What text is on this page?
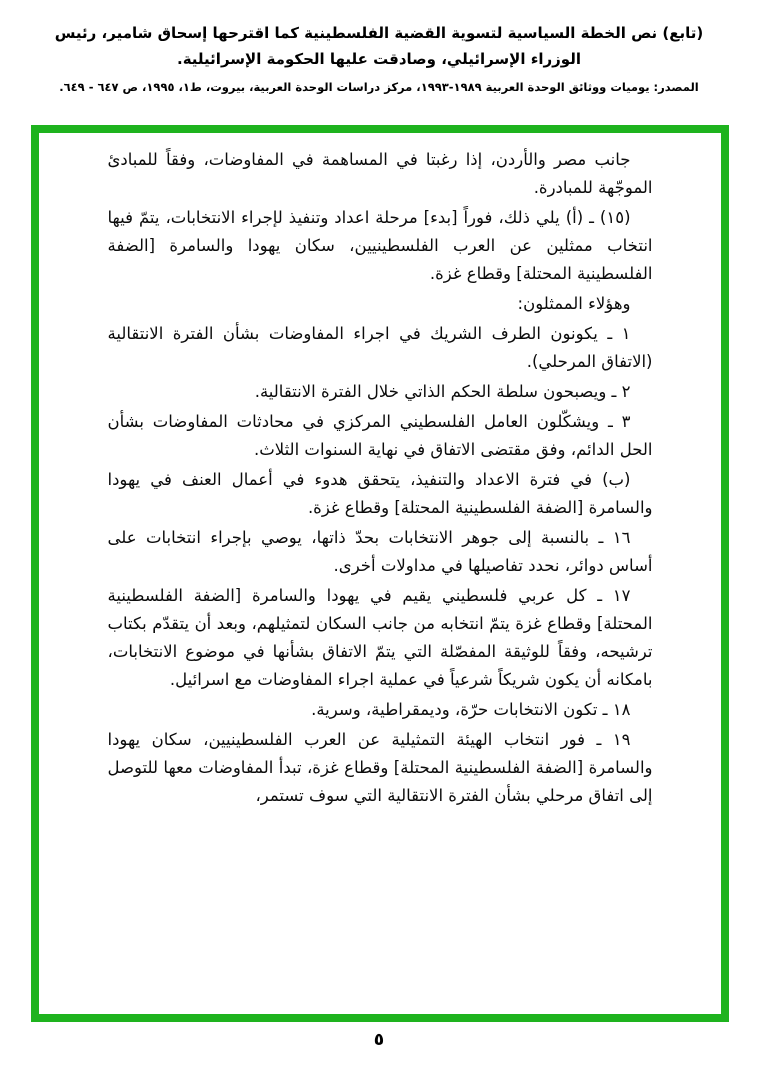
(تابع) نص الخطة السياسية لتسوية القضية الفلسطينية كما اقترحها إسحاق شامير، رئيس الوزراء الإسرائيلي، وصادقت عليها الحكومة الإسرائيلية.
المصدر: يوميات ووثائق الوحدة العربية ١٩٨٩-١٩٩٣، مركز دراسات الوحدة العربية، بيروت، ط١، ١٩٩٥، ص ٦٤٧ - ٦٤٩.

جانب مصر والأردن، إذا رغبتا في المساهمة في المفاوضات، وفقاً للمبادئ الموجّهة للمبادرة.

(١٥) ـ (أ) يلي ذلك، فوراً [بدء] مرحلة اعداد وتنفيذ لإجراء الانتخابات، يتمّ فيها انتخاب ممثلين عن العرب الفلسطينيين، سكان يهودا والسامرة [الضفة الفلسطينية المحتلة] وقطاع غزة.

وهؤلاء الممثلون:

١ ـ يكونون الطرف الشريك في اجراء المفاوضات بشأن الفترة الانتقالية (الاتفاق المرحلي).

٢ ـ ويصبحون سلطة الحكم الذاتي خلال الفترة الانتقالية.

٣ ـ ويشكّلون العامل الفلسطيني المركزي في محادثات المفاوضات بشأن الحل الدائم، وفق مقتضى الاتفاق في نهاية السنوات الثلاث.

(ب) في فترة الاعداد والتنفيذ، يتحقق هدوء في أعمال العنف في يهودا والسامرة [الضفة الفلسطينية المحتلة] وقطاع غزة.

١٦ ـ بالنسبة إلى جوهر الانتخابات بحدّ ذاتها، يوصي بإجراء انتخابات على أساس دوائر، نحدد تفاصيلها في مداولات أخرى.

١٧ ـ كل عربي فلسطيني يقيم في يهودا والسامرة [الضفة الفلسطينية المحتلة] وقطاع غزة يتمّ انتخابه من جانب السكان لتمثيلهم، وبعد أن يتقدّم بكتاب ترشيحه، وفقاً للوثيقة المفصّلة التي يتمّ الاتفاق بشأنها في موضوع الانتخابات، بامكانه أن يكون شريكاً شرعياً في عملية اجراء المفاوضات مع اسرائيل.

١٨ ـ تكون الانتخابات حرّة، وديمقراطية، وسرية.

١٩ ـ فور انتخاب الهيئة التمثيلية عن العرب الفلسطينيين، سكان يهودا والسامرة [الضفة الفلسطينية المحتلة] وقطاع غزة، تبدأ المفاوضات معها للتوصل إلى اتفاق مرحلي بشأن الفترة الانتقالية التي سوف تستمر،

٥
